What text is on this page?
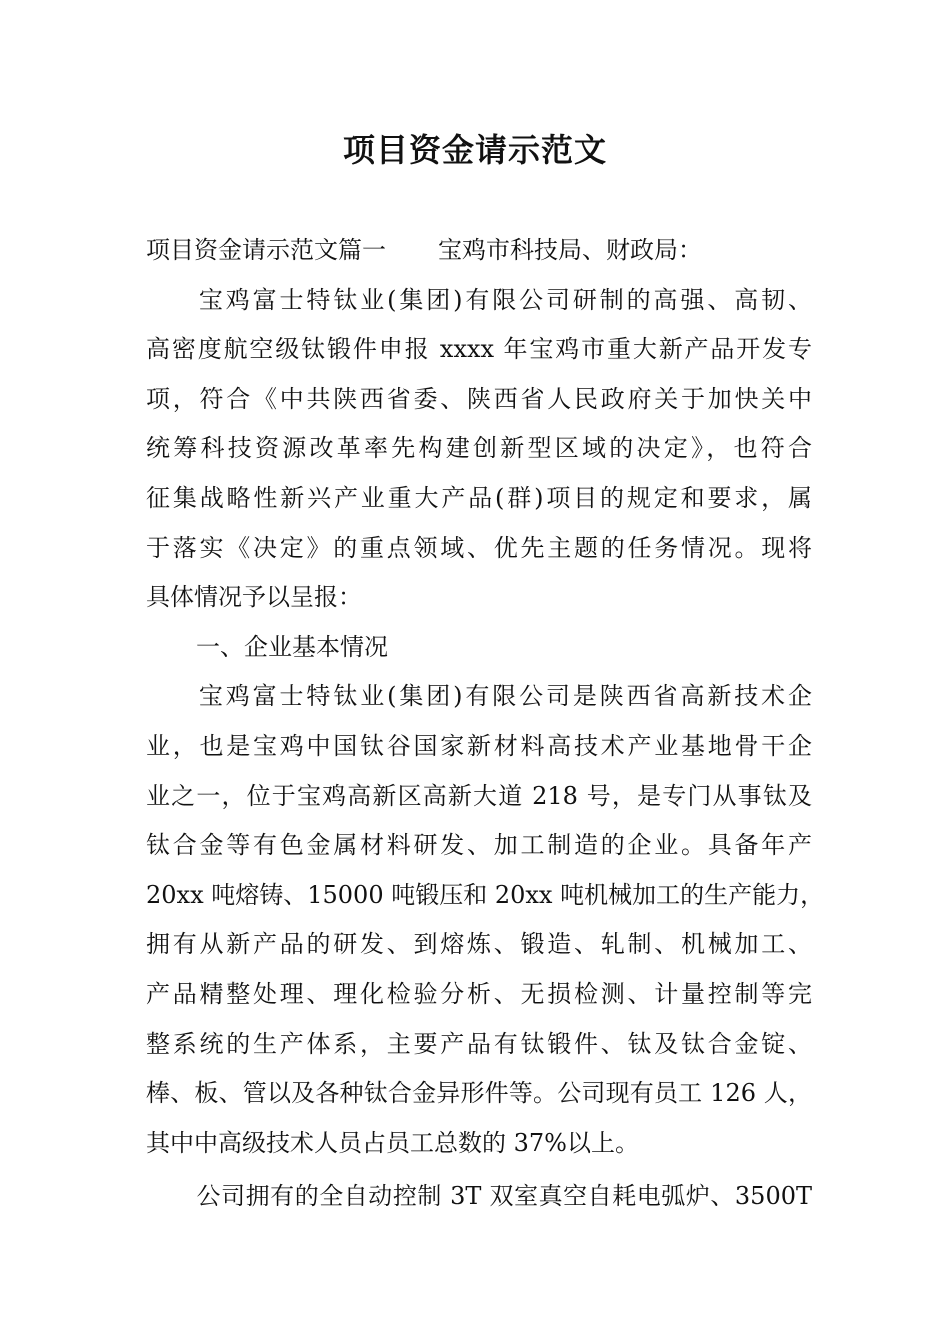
项目资金请示范文

项目资金请示范文篇一 宝鸡市科技局、财政局：

宝鸡富士特钛业(集团)有限公司研制的高强、高韧、
高密度航空级钛锻件申报 xxxx 年宝鸡市重大新产品开发专
项，符合《中共陕西省委、陕西省人民政府关于加快关中
统筹科技资源改革率先构建创新型区域的决定》，也符合
征集战略性新兴产业重大产品(群)项目的规定和要求，属
于落实《决定》的重点领域、优先主题的任务情况。现将
具体情况予以呈报：

一、企业基本情况

宝鸡富士特钛业(集团)有限公司是陕西省高新技术企
业，也是宝鸡中国钛谷国家新材料高技术产业基地骨干企
业之一，位于宝鸡高新区高新大道 218 号，是专门从事钛及
钛合金等有色金属材料研发、加工制造的企业。具备年产
20xx 吨熔铸、15000 吨锻压和 20xx 吨机械加工的生产能力，
拥有从新产品的研发、到熔炼、锻造、轧制、机械加工、
产品精整处理、理化检验分析、无损检测、计量控制等完
整系统的生产体系，主要产品有钛锻件、钛及钛合金锭、
棒、板、管以及各种钛合金异形件等。公司现有员工 126 人，
其中中高级技术人员占员工总数的 37%以上。

公司拥有的全自动控制 3T 双室真空自耗电弧炉、3500T
